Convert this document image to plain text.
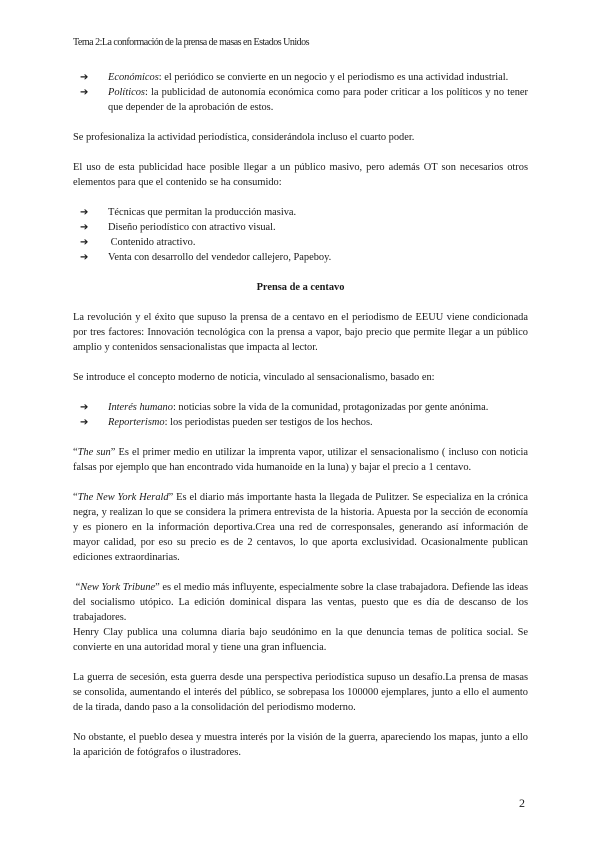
Tema 2:La conformación de la prensa de masas en Estados Unidos
➔ Económicos: el periódico se convierte en un negocio y el periodismo es una actividad industrial.
➔ Políticos: la publicidad de autonomía económica como para poder criticar a los políticos y no tener que depender de la aprobación de estos.

Se profesionaliza la actividad periodística, considerándola incluso el cuarto poder.

El uso de esta publicidad hace posible llegar a un público masivo, pero además OT son necesarios otros elementos para que el contenido se ha consumido:

➔ Técnicas que permitan la producción masiva.
➔ Diseño periodístico con atractivo visual.
➔ Contenido atractivo.
➔ Venta con desarrollo del vendedor callejero, Papeboy.

Prensa de a centavo

La revolución y el éxito que supuso la prensa de a centavo en el periodismo de EEUU viene condicionada por tres factores: Innovación tecnológica con la prensa a vapor, bajo precio que permite llegar a un público amplio y contenidos sensacionalistas que impacta al lector.

Se introduce el concepto moderno de noticia, vinculado al sensacionalismo, basado en:

➔ Interés humano: noticias sobre la vida de la comunidad, protagonizadas por gente anónima.
➔ Reporterismo: los periodistas pueden ser testigos de los hechos.

“The sun” Es el primer medio en utilizar la imprenta vapor, utilizar el sensacionalismo ( incluso con noticia falsas por ejemplo que han encontrado vida humanoide en la luna) y bajar el precio a 1 centavo.

“The New York Herald” Es el diario más importante hasta la llegada de Pulitzer. Se especializa en la crónica negra, y realizan lo que se considera la primera entrevista de la historia. Apuesta por la sección de economía y es pionero en la información deportiva.Crea una red de corresponsales, generando así información de mayor calidad, por eso su precio es de 2 centavos, lo que aporta exclusividad. Ocasionalmente publican ediciones extraordinarias.

“New York Tribune” es el medio más influyente, especialmente sobre la clase trabajadora. Defiende las ideas del socialismo utópico. La edición dominical dispara las ventas, puesto que es día de descanso de los trabajadores.

Henry Clay publica una columna diaria bajo seudónimo en la que denuncia temas de política social. Se convierte en una autoridad moral y tiene una gran influencia.

La guerra de secesión, esta guerra desde una perspectiva periodística supuso un desafío.La prensa de masas se consolida, aumentando el interés del público, se sobrepasa los 100000 ejemplares, junto a ello el aumento de la tirada, dando paso a la consolidación del periodismo moderno.

No obstante, el pueblo desea y muestra interés por la visión de la guerra, apareciendo los mapas, junto a ello la aparición de fotógrafos o ilustradores.

2
